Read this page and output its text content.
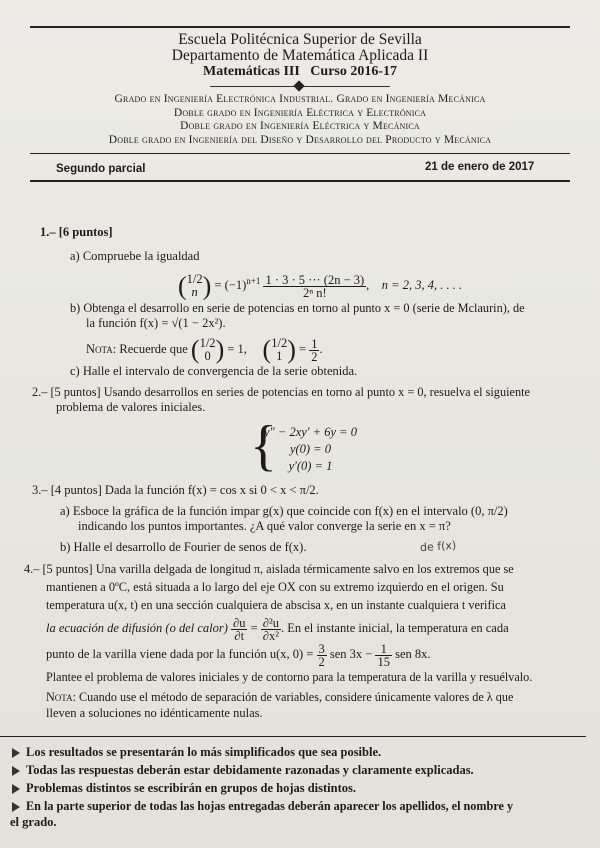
Escuela Politécnica Superior de Sevilla
Departamento de Matemática Aplicada II
Matemáticas III   Curso 2016-17
Grado en Ingeniería Electrónica Industrial. Grado en Ingeniería Mecánica
Doble grado en Ingeniería Eléctrica y Electrónica
Doble grado en Ingeniería Eléctrica y Mecánica
Doble grado en Ingeniería del Diseño y Desarrollo del Producto y Mecánica
Segundo parcial	21 de enero de 2017
1.– [6 puntos]
a) Compruebe la igualdad
( 1/2
n ) = $(-1)^{n+1} \frac{1 \cdot 3 \cdot 5 \cdot\cdot\cdot (2n - 3)}{\text{2ⁿ n!}}$ ,    n = 2, 3, 4, . . . .
b) Obtenga el desarrollo en serie de potencias en torno al punto x = 0 (serie de Mclaurin), de
la función f(x) = √(1 − 2x²).
Nota: Recuerde que ( 1/2
0 ) = 1, ( 1/2
1 ) = $\frac{1}{2}$ .
c) Halle el intervalo de convergencia de la serie obtenida.
2.– [5 puntos] Usando desarrollos en series de potencias en torno al punto x = 0, resuelva el siguiente
problema de valores iniciales.
{
y″ − 2xy′ + 6y = 0
y(0) = 0
y′(0) = 1
3.– [4 puntos] Dada la función f(x) = cos x si 0 < x < π/2.
a) Esboce la gráfica de la función impar g(x) que coincide con f(x) en el intervalo (0, π/2)
indicando los puntos importantes. ¿A qué valor converge la serie en x = π?
b) Halle el desarrollo de Fourier de senos de f(x).	de f(x)
4.– [5 puntos] Una varilla delgada de longitud π, aislada térmicamente salvo en los extremos que se
mantienen a 0ºC, está situada a lo largo del eje OX con su extremo izquierdo en el origen. Su
temperatura u(x, t) en una sección cualquiera de abscisa x, en un instante cualquiera t verifica
la ecuación de difusión (o del calor) $\frac{\partial u}{\partial t} = \frac{\text{∂²u}}{\text{∂x²}}$ . En el instante inicial, la temperatura en cada
punto de la varilla viene dada por la función u(x, $0) = \frac{3}{2}$ sen $3x - \frac{1}{15}$ sen 8x.
Plantee el problema de valores iniciales y de contorno para la temperatura de la varilla y resuélvalo.
Nota: Cuando use el método de separación de variables, considere únicamente valores de λ que
lleven a soluciones no idénticamente nulas.
Los resultados se presentarán lo más simplificados que sea posible.
Todas las respuestas deberán estar debidamente razonadas y claramente explicadas.
Problemas distintos se escribirán en grupos de hojas distintos.
En la parte superior de todas las hojas entregadas deberán aparecer los apellidos, el nombre y
el grado.
